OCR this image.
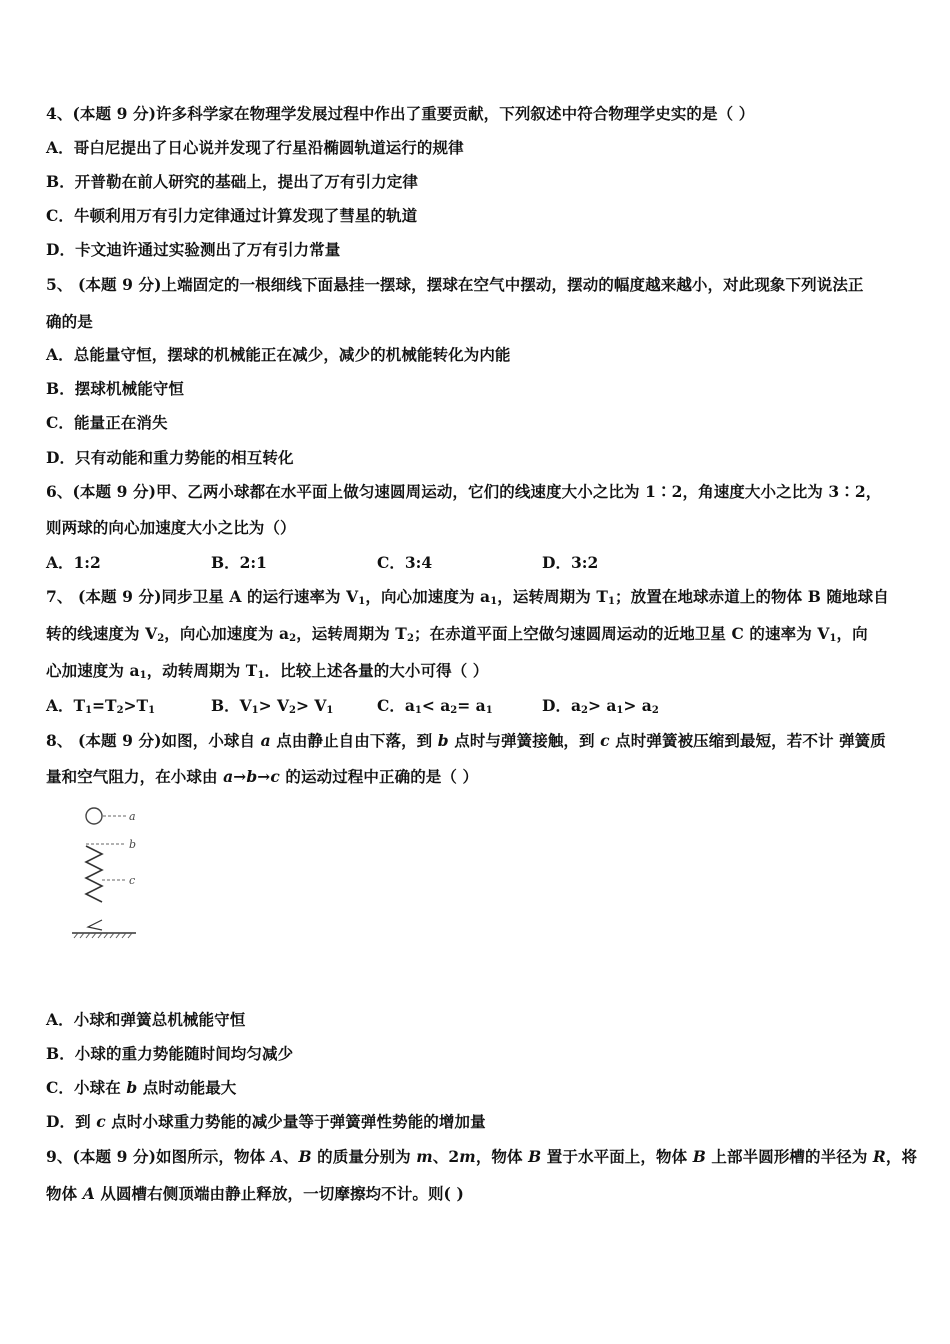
4、(本题 9 分)许多科学家在物理学发展过程中作出了重要贡献，下列叙述中符合物理学史实的是（ ）
A．哥白尼提出了日心说并发现了行星沿椭圆轨道运行的规律
B．开普勒在前人研究的基础上，提出了万有引力定律
C．牛顿利用万有引力定律通过计算发现了彗星的轨道
D．卡文迪许通过实验测出了万有引力常量
5、 (本题 9 分)上端固定的一根细线下面悬挂一摆球，摆球在空气中摆动，摆动的幅度越来越小，对此现象下列说法正
确的是
A．总能量守恒，摆球的机械能正在减少，减少的机械能转化为内能
B．摆球机械能守恒
C．能量正在消失
D．只有动能和重力势能的相互转化
6、(本题 9 分)甲、乙两小球都在水平面上做匀速圆周运动，它们的线速度大小之比为 1∶2，角速度大小之比为 3∶2，
则两球的向心加速度大小之比为（）
A．1:2	B．2:1	C．3:4	D．3:2
7、 (本题 9 分)同步卫星 A 的运行速率为 $V_1$，向心加速度为 $a_1$，运转周期为 $T_1$；放置在地球赤道上的物体 B 随地球自
转的线速度为 $V_2$，向心加速度为 $a_2$，运转周期为 $T_2$；在赤道平面上空做匀速圆周运动的近地卫星 C 的速率为 $V_1$，向
心加速度为 $a_1$，动转周期为 $T_1$．比较上述各量的大小可得（ ）
A．$T_1=T_2>T_1$	B．$V_1> V_2> V_1$	C．$a_1< a_2= a_1$	D．$a_2> a_1> a_2$
8、 (本题 9 分)如图，小球自 a 点由静止自由下落，到 b 点时与弹簧接触，到 c 点时弹簧被压缩到最短，若不计 弹簧质
量和空气阻力，在小球由 a→b→c 的运动过程中正确的是（ ）
a
b
c
A．小球和弹簧总机械能守恒
B．小球的重力势能随时间均匀减少
C．小球在 b 点时动能最大
D．到 c 点时小球重力势能的减少量等于弹簧弹性势能的增加量
9、(本题 9 分)如图所示，物体 A、B 的质量分别为 m、2m，物体 B 置于水平面上，物体 B 上部半圆形槽的半径为 R，将
物体 A 从圆槽右侧顶端由静止释放，一切摩擦均不计。则( )
